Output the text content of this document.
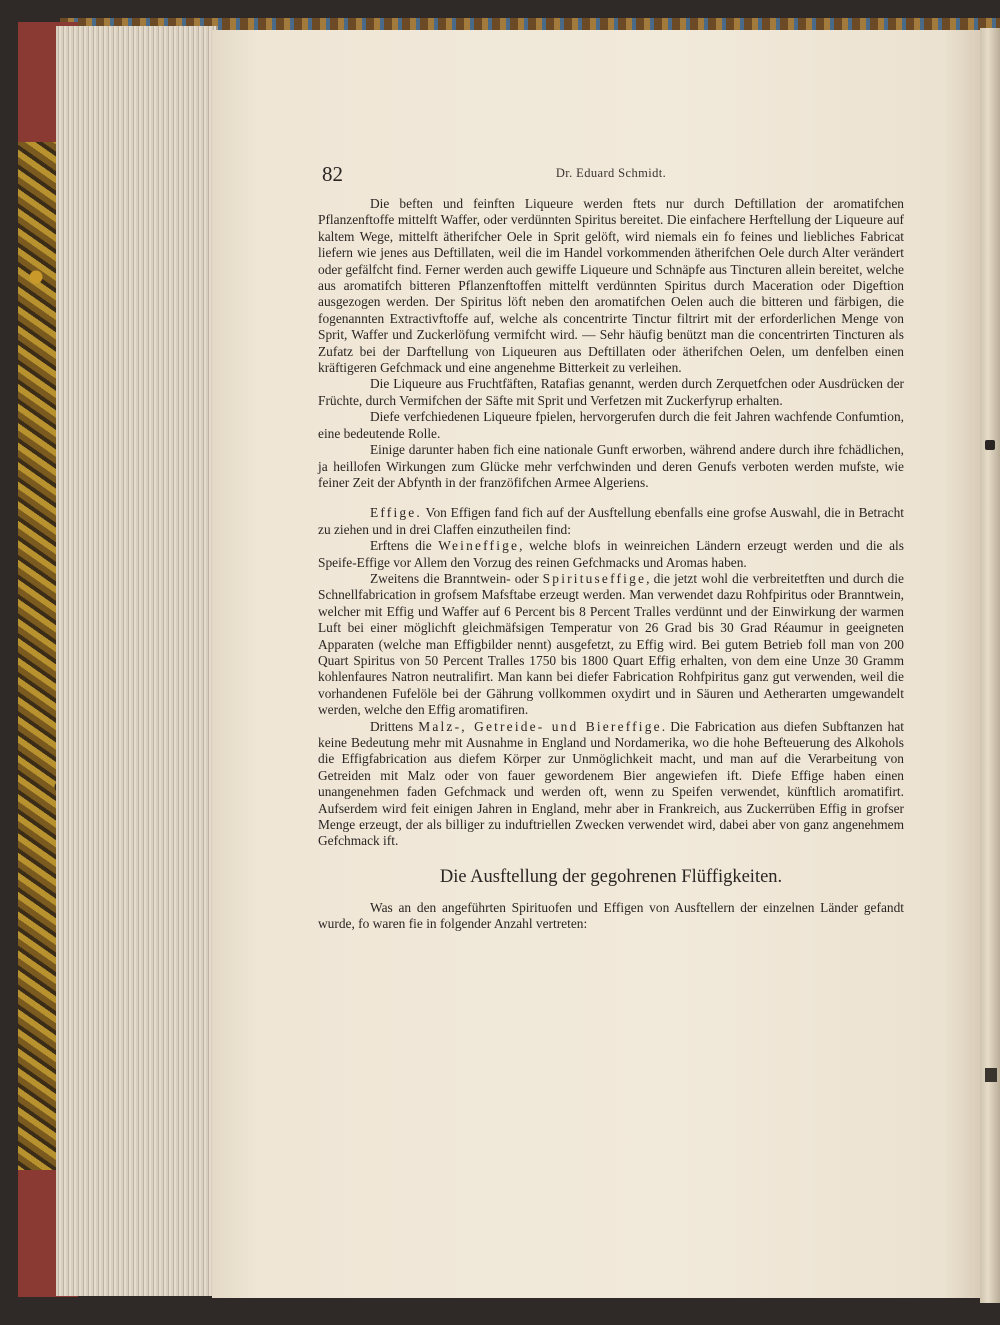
82	Dr. Eduard Schmidt.

Die beften und feinften Liqueure werden ftets nur durch Deftillation der aromatifchen Pflanzenftoffe mittelft Waffer, oder verdünnten Spiritus bereitet. Die einfachere Herftellung der Liqueure auf kaltem Wege, mittelft ätherifcher Oele in Sprit gelöft, wird niemals ein fo feines und liebliches Fabricat liefern wie jenes aus Deftillaten, weil die im Handel vorkommenden ätherifchen Oele durch Alter verändert oder gefälfcht find. Ferner werden auch gewiffe Liqueure und Schnäpfe aus Tincturen allein bereitet, welche aus aromatifch bitteren Pflanzenftoffen mittelft verdünnten Spiritus durch Maceration oder Digeftion ausgezogen werden. Der Spiritus löft neben den aromatifchen Oelen auch die bitteren und färbigen, die fogenannten Extractivftoffe auf, welche als concentrirte Tinctur filtrirt mit der erforderlichen Menge von Sprit, Waffer und Zuckerlöfung vermifcht wird. — Sehr häufig benützt man die concentrirten Tincturen als Zufatz bei der Darftellung von Liqueuren aus Deftillaten oder ätherifchen Oelen, um denfelben einen kräftigeren Gefchmack und eine angenehme Bitterkeit zu verleihen.

Die Liqueure aus Fruchtfäften, Ratafias genannt, werden durch Zerquetfchen oder Ausdrücken der Früchte, durch Vermifchen der Säfte mit Sprit und Verfetzen mit Zuckerfyrup erhalten.

Diefe verfchiedenen Liqueure fpielen, hervorgerufen durch die feit Jahren wachfende Confumtion, eine bedeutende Rolle.

Einige darunter haben fich eine nationale Gunft erworben, während andere durch ihre fchädlichen, ja heillofen Wirkungen zum Glücke mehr verfchwinden und deren Genufs verboten werden mufste, wie feiner Zeit der Abfynth in der franzöfifchen Armee Algeriens.

Effige. Von Effigen fand fich auf der Ausftellung ebenfalls eine grofse Auswahl, die in Betracht zu ziehen und in drei Claffen einzutheilen find:

Erftens die Weineffige, welche blofs in weinreichen Ländern erzeugt werden und die als Speife-Effige vor Allem den Vorzug des reinen Gefchmacks und Aromas haben.

Zweitens die Branntwein- oder Spirituseffige, die jetzt wohl die verbreitetften und durch die Schnellfabrication in grofsem Mafsftabe erzeugt werden. Man verwendet dazu Rohfpiritus oder Branntwein, welcher mit Effig und Waffer auf 6 Percent bis 8 Percent Tralles verdünnt und der Einwirkung der warmen Luft bei einer möglichft gleichmäfsigen Temperatur von 26 Grad bis 30 Grad Réaumur in geeigneten Apparaten (welche man Effigbilder nennt) ausgefetzt, zu Effig wird. Bei gutem Betrieb foll man von 200 Quart Spiritus von 50 Percent Tralles 1750 bis 1800 Quart Effig erhalten, von dem eine Unze 30 Gramm kohlenfaures Natron neutralifirt. Man kann bei diefer Fabrication Rohfpiritus ganz gut verwenden, weil die vorhandenen Fufelöle bei der Gährung vollkommen oxydirt und in Säuren und Aetherarten umgewandelt werden, welche den Effig aromatifiren.

Drittens Malz-, Getreide- und Biereffige. Die Fabrication aus diefen Subftanzen hat keine Bedeutung mehr mit Ausnahme in England und Nordamerika, wo die hohe Befteuerung des Alkohols die Effigfabrication aus diefem Körper zur Unmöglichkeit macht, und man auf die Verarbeitung von Getreiden mit Malz oder von fauer gewordenem Bier angewiefen ift. Diefe Effige haben einen unangenehmen faden Gefchmack und werden oft, wenn zu Speifen verwendet, künftlich aromatifirt. Aufserdem wird feit einigen Jahren in England, mehr aber in Frankreich, aus Zuckerrüben Effig in grofser Menge erzeugt, der als billiger zu induftriellen Zwecken verwendet wird, dabei aber von ganz angenehmem Gefchmack ift.

Die Ausftellung der gegohrenen Flüffigkeiten.

Was an den angeführten Spirituofen und Effigen von Ausftellern der einzelnen Länder gefandt wurde, fo waren fie in folgender Anzahl vertreten:
